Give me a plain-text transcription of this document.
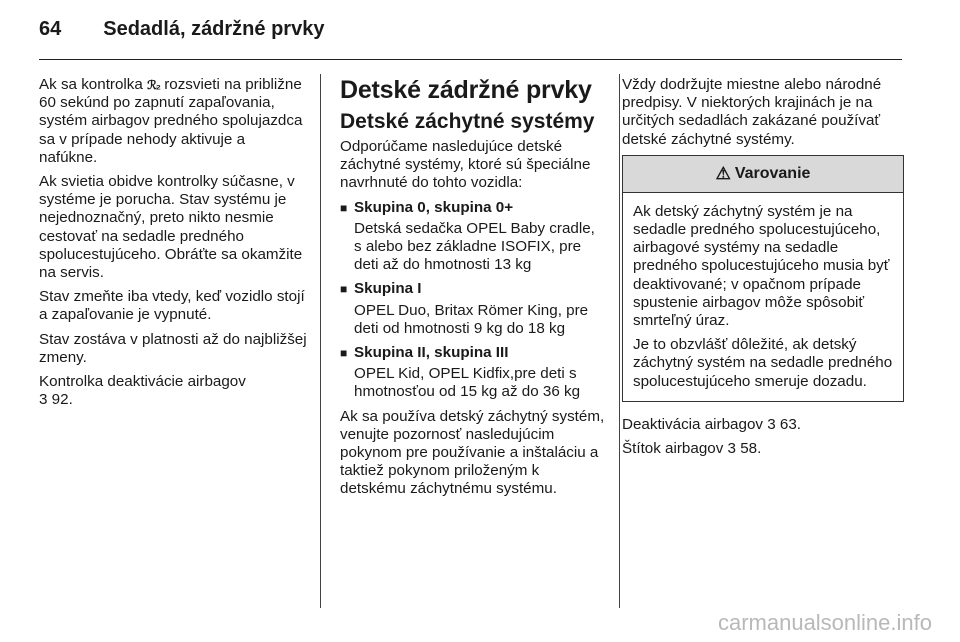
64 Sedadlá, zádržné prvky

Ak sa kontrolka ℛ₂ rozsvieti na približne 60 sekúnd po zapnutí zapaľovania, systém airbagov predného spolujazdca sa v prípade nehody aktivuje a nafúkne.

Ak svietia obidve kontrolky súčasne, v systéme je porucha. Stav systému je nejednoznačný, preto nikto nesmie cestovať na sedadle predného spolucestujúceho. Obráťte sa okamžite na servis.

Stav zmeňte iba vtedy, keď vozidlo stojí a zapaľovanie je vypnuté.

Stav zostáva v platnosti až do najbližšej zmeny.

Kontrolka deaktivácie airbagov
3 92.

Detské zádržné prvky
Detské záchytné systémy

Odporúčame nasledujúce detské záchytné systémy, ktoré sú špeciálne navrhnuté do tohto vozidla:

■ Skupina 0, skupina 0+

Detská sedačka OPEL Baby cradle, s alebo bez základne ISOFIX, pre deti až do hmotnosti 13 kg

■ Skupina I

OPEL Duo, Britax Römer King, pre deti od hmotnosti 9 kg do 18 kg

■ Skupina II, skupina III

OPEL Kid, OPEL Kidfix,pre deti s hmotnosťou od 15 kg až do 36 kg

Ak sa používa detský záchytný systém, venujte pozornosť nasledujúcim pokynom pre používanie a inštaláciu a taktiež pokynom priloženým k detskému záchytnému systému.

Vždy dodržujte miestne alebo národné predpisy. V niektorých krajinách je na určitých sedadlách zakázané používať detské záchytné systémy.

⚠ Varovanie

Ak detský záchytný systém je na sedadle predného spolucestujúceho, airbagové systémy na sedadle predného spolucestujúceho musia byť deaktivované; v opačnom prípade spustenie airbagov môže spôsobiť smrteľný úraz.

Je to obzvlášť dôležité, ak detský záchytný systém na sedadle predného spolucestujúceho smeruje dozadu.

Deaktivácia airbagov 3 63.

Štítok airbagov 3 58.

carmanualsonline.info
